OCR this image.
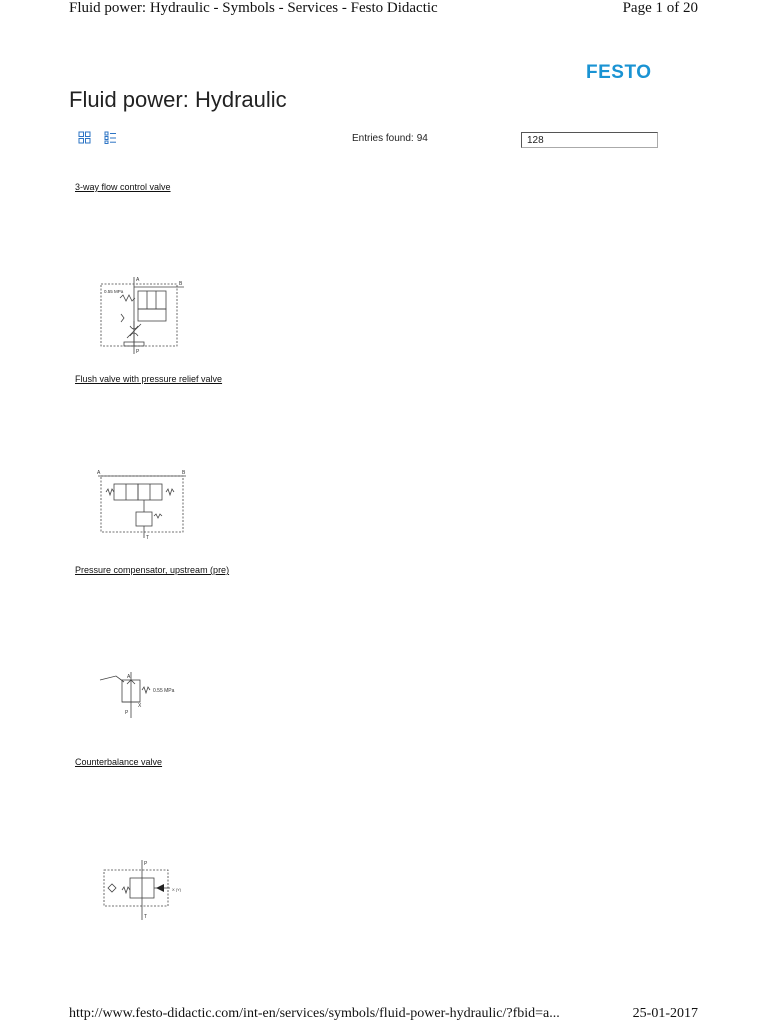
Fluid power: Hydraulic - Symbols - Services - Festo Didactic	Page 1 of 20
FESTO
Fluid power: Hydraulic
Entries found: 94
128
3-way flow control valve
A
B
P
0.55 MPa
Flush valve with pressure relief valve
A	B
T
Pressure compensator, upstream (pre)
A
0.55 MPa
X
P
Counterbalance valve
P
T
X (Y)
http://www.festo-didactic.com/int-en/services/symbols/fluid-power-hydraulic/?fbid=a...	25-01-2017
